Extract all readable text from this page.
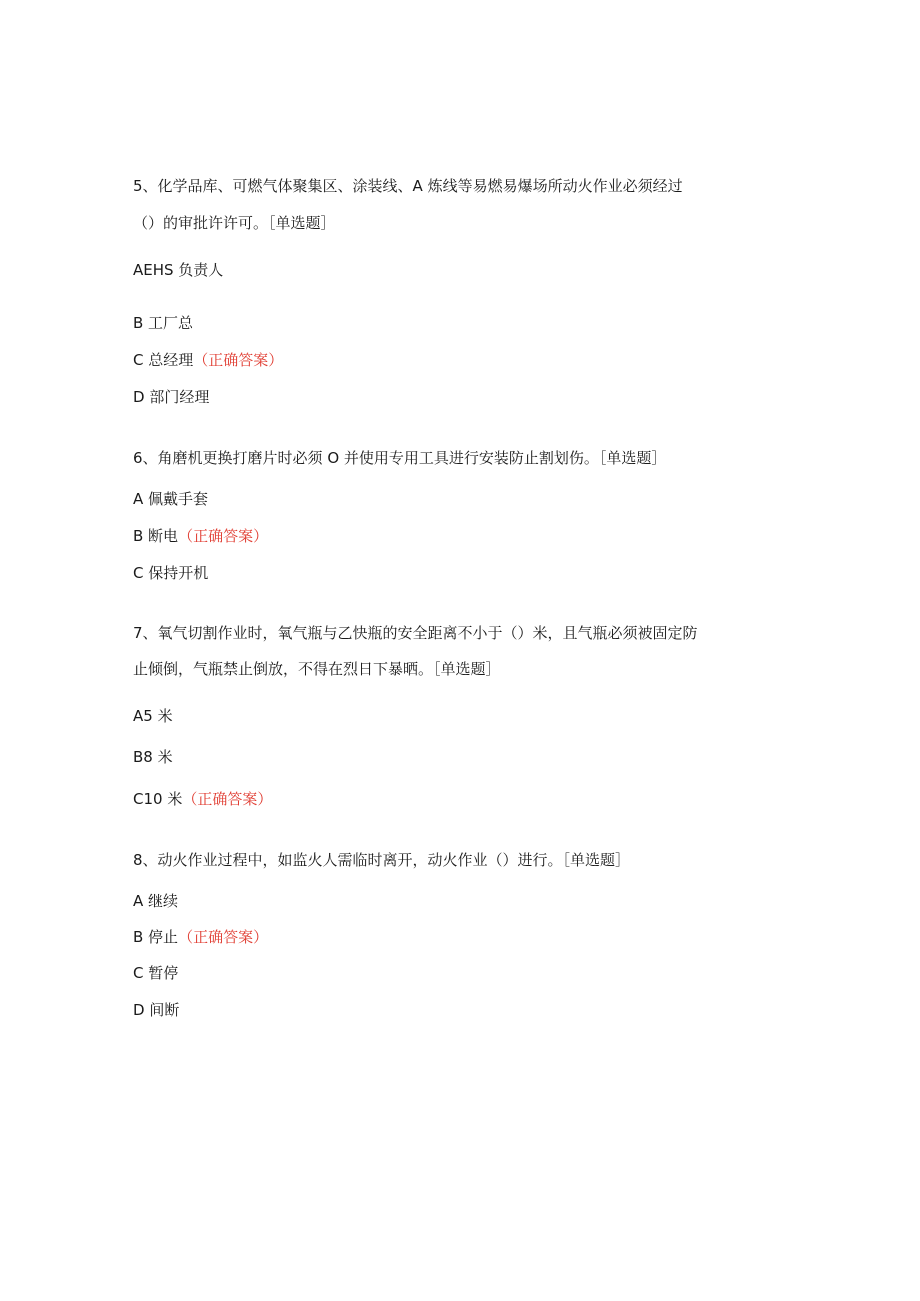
5、化学品库、可燃气体聚集区、涂装线、A 炼线等易燃易爆场所动火作业必须经过
（）的审批许许可。［单选题］
AEHS 负责人
B 工厂总
C 总经理（正确答案）
D 部门经理
6、角磨机更换打磨片时必须 O 并使用专用工具进行安装防止割划伤。［单选题］
A 佩戴手套
B 断电（正确答案）
C 保持开机
7、氧气切割作业时，氧气瓶与乙快瓶的安全距离不小于（）米，且气瓶必须被固定防
止倾倒，气瓶禁止倒放，不得在烈日下暴晒。［单选题］
A5 米
B8 米
C10 米（正确答案）
8、动火作业过程中，如监火人需临时离开，动火作业（）进行。［单选题］
A 继续
B 停止（正确答案）
C 暂停
D 间断
